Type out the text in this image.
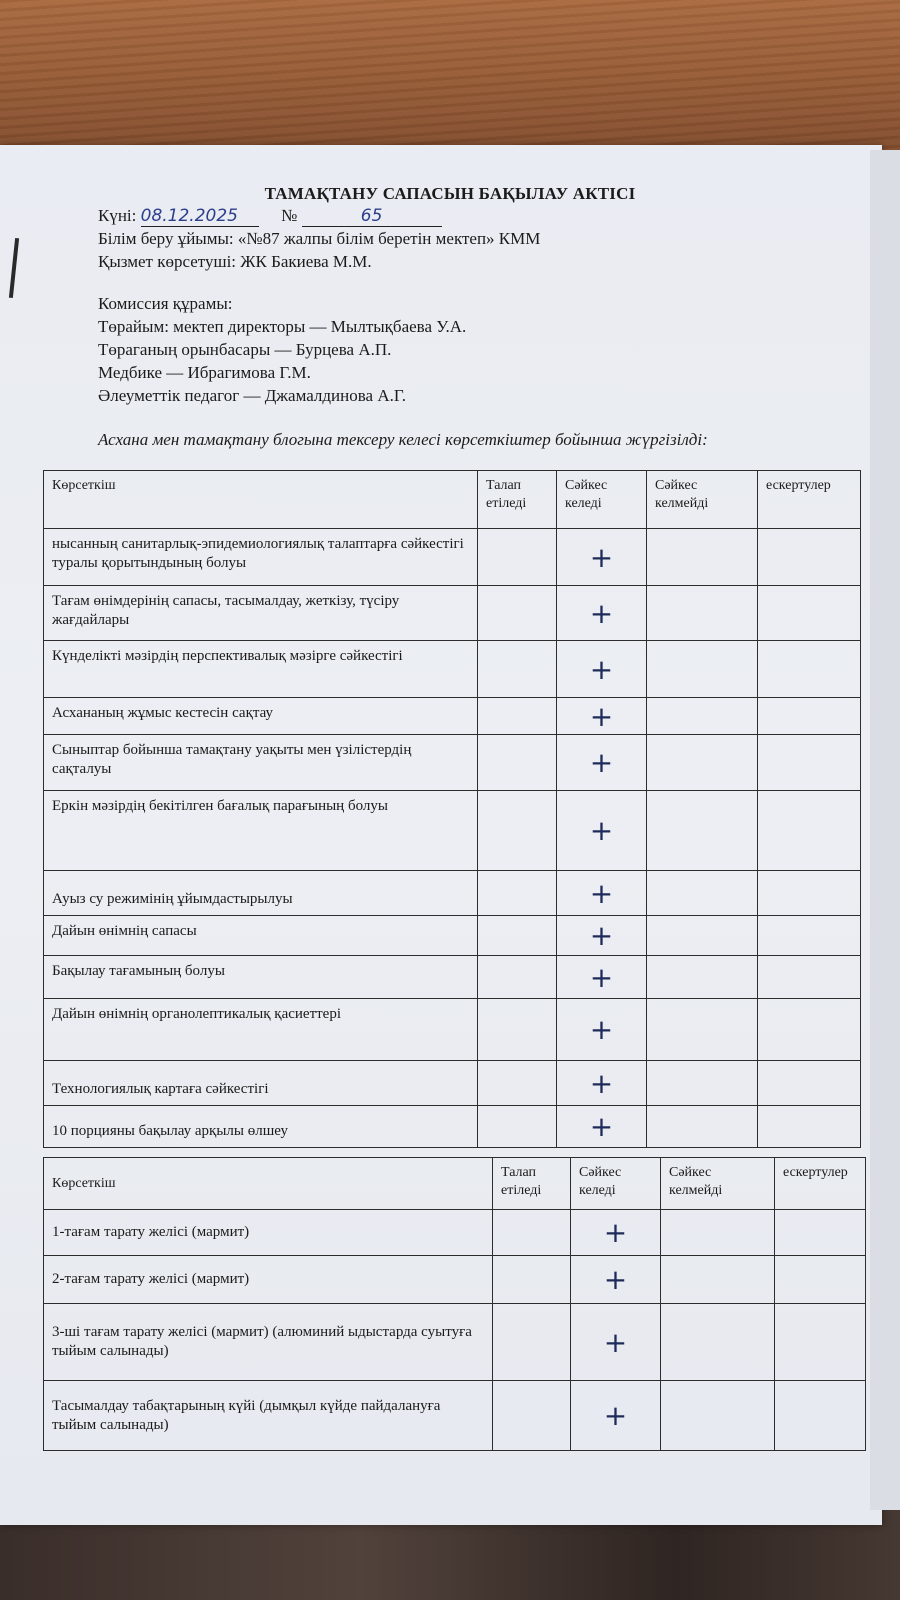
ТАМАҚТАНУ САПАСЫН БАҚЫЛАУ АКТІСІ
Күні: 08.12.2025	№	65
Білім беру ұйымы: «№87 жалпы білім беретін мектеп» КММ
Қызмет көрсетуші: ЖК Бакиева М.М.
Комиссия құрамы:
Төрайым: мектеп директоры — Мылтықбаева У.А.
Төраганың орынбасары — Бурцева А.П.
Медбике — Ибрагимова Г.М.
Әлеуметтік педагог — Джамалдинова А.Г.
Асхана мен тамақтану блогына тексеру келесі көрсеткіштер бойынша жүргізілді:
Көрсеткіш	Талап етіледі	Сәйкес келеді	Сәйкес келмейді	ескертулер
нысанның санитарлық-эпидемиологиялық талаптарға сәйкестігі туралы қорытындының болуы		+		
Тағам өнімдерінің сапасы, тасымалдау, жеткізу, түсіру жағдайлары		+		
Күнделікті мәзірдің перспективалық мәзірге сәйкестігі		+		
Асхананың жұмыс кестесін сақтау		+		
Сыныптар бойынша тамақтану уақыты мен үзілістердің сақталуы		+		
Еркін мәзірдің бекітілген бағалық парағының болуы		+		
Ауыз су режимінің ұйымдастырылуы		+		
Дайын өнімнің сапасы		+		
Бақылау тағамының болуы		+		
Дайын өнімнің органолептикалық қасиеттері		+		
Технологиялық картаға сәйкестігі		+		
10 порцияны бақылау арқылы өлшеу		+		
Көрсеткіш	Талап етіледі	Сәйкес келеді	Сәйкес келмейді	ескертулер
1-тағам тарату желісі (мармит)		+		
2-тағам тарату желісі (мармит)		+		
3-ші тағам тарату желісі (мармит) (алюминий ыдыстарда суытуға тыйым салынады)		+		
Тасымалдау табақтарының күйі (дымқыл күйде пайдалануға тыйым салынады)		+		
